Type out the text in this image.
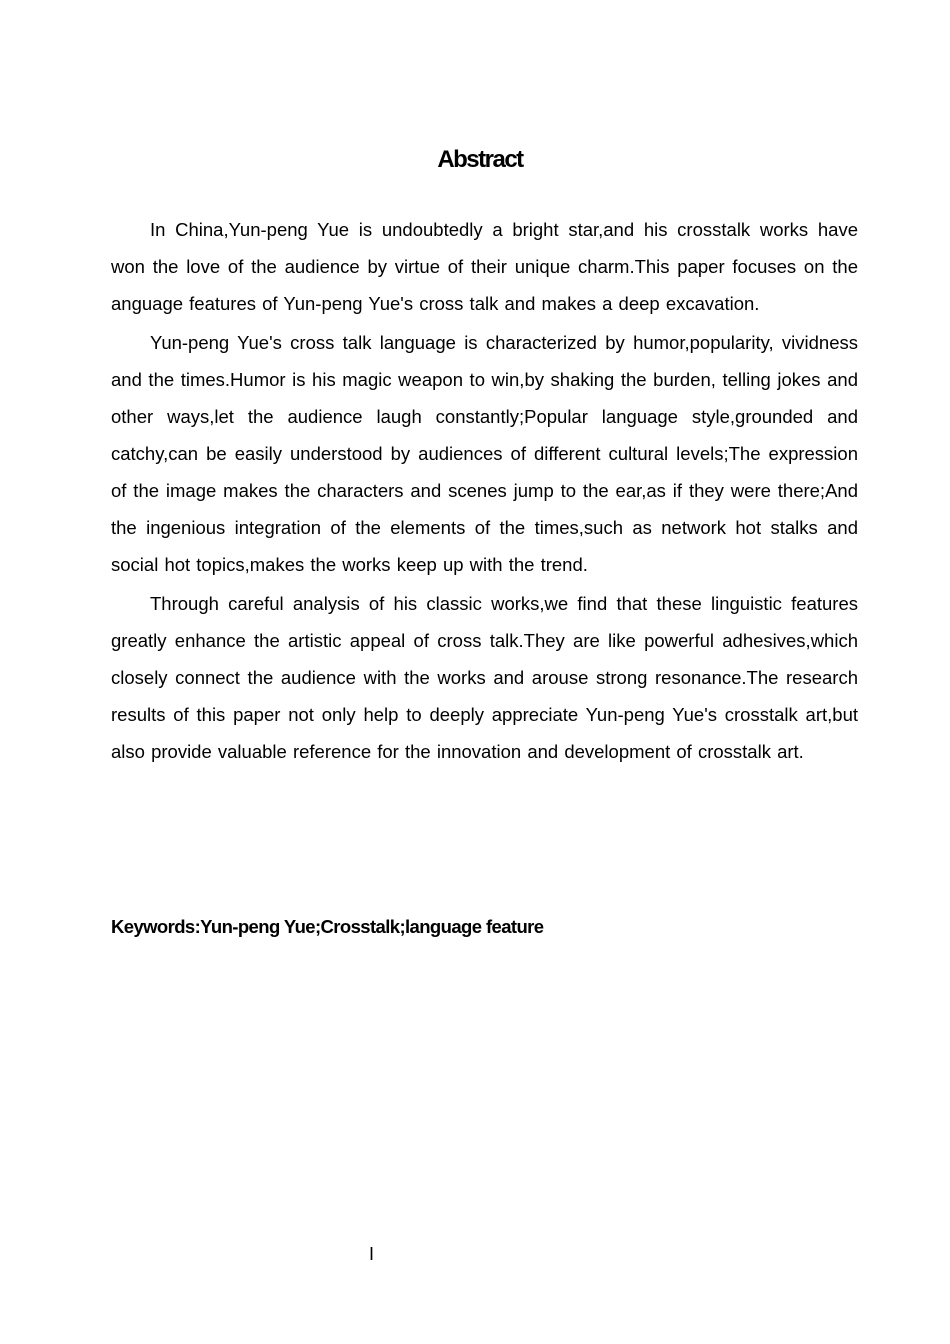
Abstract

In China,Yun-peng Yue is undoubtedly a bright star,and his crosstalk works have won the love of the audience by virtue of their unique charm.This paper focuses on the anguage features of Yun-peng Yue's cross talk and makes a deep excavation.

Yun-peng Yue's cross talk language is characterized by humor,popularity, vividness and the times.Humor is his magic weapon to win,by shaking the burden, telling jokes and other ways,let the audience laugh constantly;Popular language style,grounded and catchy,can be easily understood by audiences of different cultural levels;The expression of the image makes the characters and scenes jump to the ear,as if they were there;And the ingenious integration of the elements of the times,such as network hot stalks and social hot topics,makes the works keep up with the trend.

Through careful analysis of his classic works,we find that these linguistic features greatly enhance the artistic appeal of cross talk.They are like powerful adhesives,which closely connect the audience with the works and arouse strong resonance.The research results of this paper not only help to deeply appreciate Yun-peng Yue's crosstalk art,but also provide valuable reference for the innovation and development of crosstalk art.

Keywords:Yun-peng Yue;Crosstalk;language feature
I
